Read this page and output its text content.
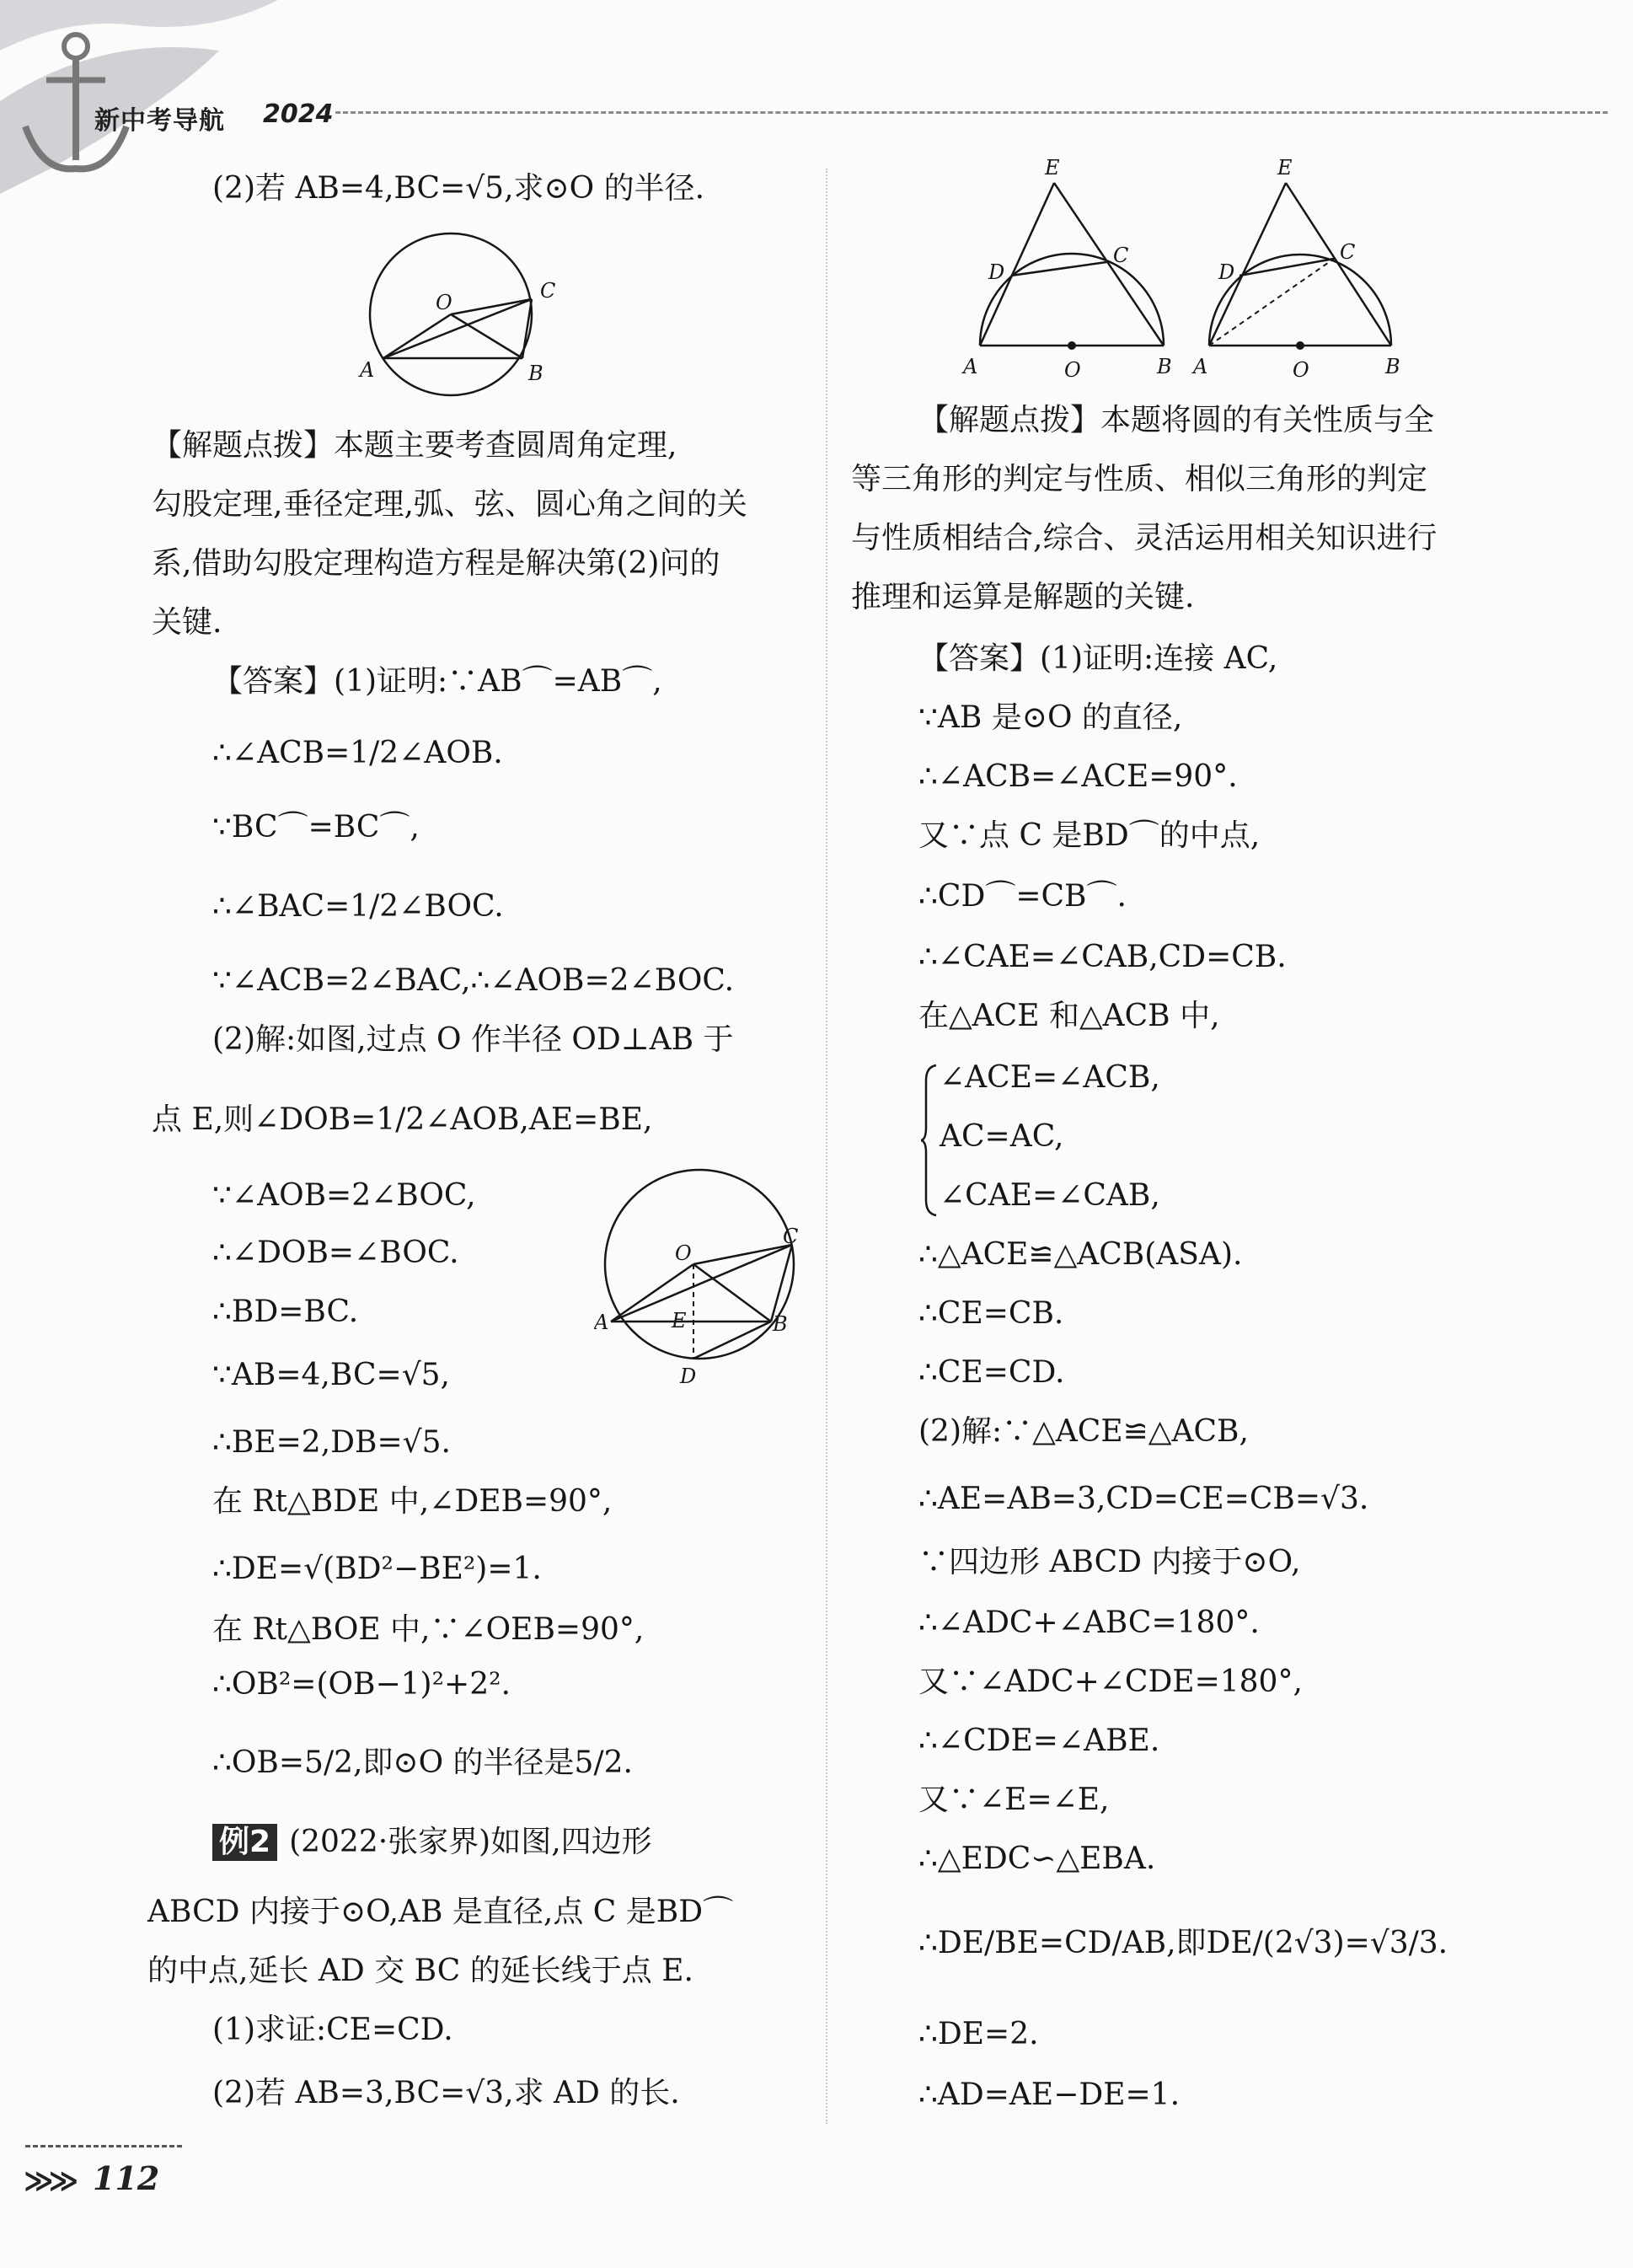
新中考导航 2024
O	C
A	B
O
C
A	E	B
D
E
D
C
A	O	B
E
D
C
A	O	B
(2)若 AB=4,BC=√5,求⊙O 的半径.
【解题点拨】本题主要考查圆周角定理,
勾股定理,垂径定理,弧、弦、圆心角之间的关
系,借助勾股定理构造方程是解决第(2)问的
关键.
【答案】(1)证明:∵AB⌒=AB⌒,
∴∠ACB=1/2∠AOB.
∵BC⌒=BC⌒,
∴∠BAC=1/2∠BOC.
∵∠ACB=2∠BAC,∴∠AOB=2∠BOC.
(2)解:如图,过点 O 作半径 OD⊥AB 于
点 E,则∠DOB=1/2∠AOB,AE=BE,
∵∠AOB=2∠BOC,
∴∠DOB=∠BOC.
∴BD=BC.
∵AB=4,BC=√5,
∴BE=2,DB=√5.
在 Rt△BDE 中,∠DEB=90°,
∴DE=√(BD²−BE²)=1.
在 Rt△BOE 中,∵∠OEB=90°,
∴OB²=(OB−1)²+2².
∴OB=5/2,即⊙O 的半径是5/2.
例2 (2022·张家界)如图,四边形
ABCD 内接于⊙O,AB 是直径,点 C 是BD⌒
的中点,延长 AD 交 BC 的延长线于点 E.
(1)求证:CE=CD.
(2)若 AB=3,BC=√3,求 AD 的长.
【解题点拨】本题将圆的有关性质与全
等三角形的判定与性质、相似三角形的判定
与性质相结合,综合、灵活运用相关知识进行
推理和运算是解题的关键.
【答案】(1)证明:连接 AC,
∵AB 是⊙O 的直径,
∴∠ACB=∠ACE=90°.
又∵点 C 是BD⌒的中点,
∴CD⌒=CB⌒.
∴∠CAE=∠CAB,CD=CB.
在△ACE 和△ACB 中,
∠ACE=∠ACB,
AC=AC,
∠CAE=∠CAB,
∴△ACE≌△ACB(ASA).
∴CE=CB.
∴CE=CD.
(2)解:∵△ACE≌△ACB,
∴AE=AB=3,CD=CE=CB=√3.
∵四边形 ABCD 内接于⊙O,
∴∠ADC+∠ABC=180°.
又∵∠ADC+∠CDE=180°,
∴∠CDE=∠ABE.
又∵∠E=∠E,
∴△EDC∽△EBA.
∴DE/BE=CD/AB,即DE/(2√3)=√3/3.
∴DE=2.
∴AD=AE−DE=1.
≫≫ 112
